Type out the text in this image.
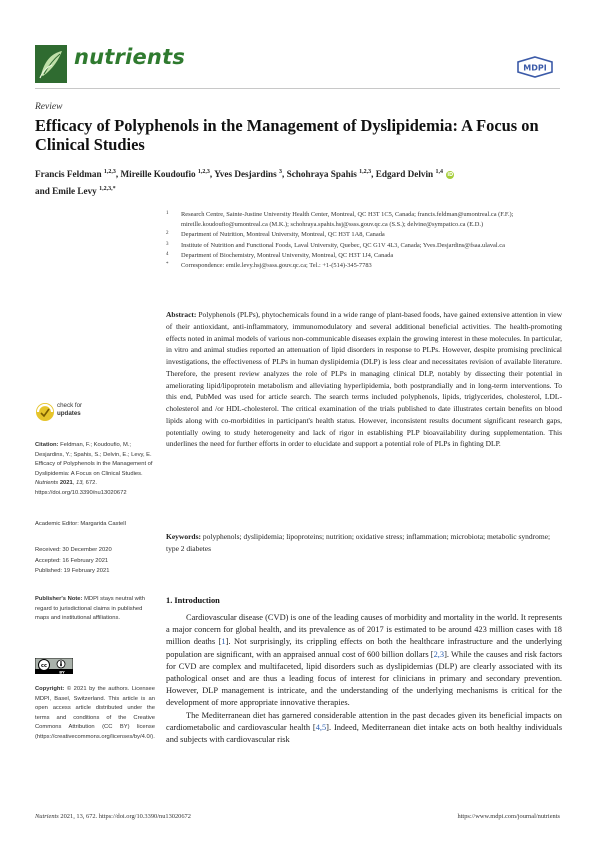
nutrients	MDPI
Review
Efficacy of Polyphenols in the Management of Dyslipidemia: A Focus on Clinical Studies
Francis Feldman $^{1,2,3}$, Mireille Koudoufio $^{1,2,3}$, Yves Desjardins $^3$, Schohraya Spahis $^{1,2,3}$, Edgard Delvin $^{1,4}$ iD
and Emile Levy $^{1,2,3,*}$
1 Research Centre, Sainte-Justine University Health Center, Montreal, QC H3T 1C5, Canada; francis.feldman@umontreal.ca (F.F.); mireille.koudoufio@umontreal.ca (M.K.); schohraya.spahis.hsj@ssss.gouv.qc.ca (S.S.); delvine@sympatico.ca (E.D.)
2 Department of Nutrition, Montreal University, Montreal, QC H3T 1A8, Canada
3 Institute of Nutrition and Functional Foods, Laval University, Quebec, QC G1V 4L3, Canada; Yves.Desjardins@fsaa.ulaval.ca
4 Department of Biochemistry, Montreal University, Montreal, QC H3T 1J4, Canada
* Correspondence: emile.levy.hsj@ssss.gouv.qc.ca; Tel.: +1-(514)-345-7783
Abstract: Polyphenols (PLPs), phytochemicals found in a wide range of plant-based foods, have gained extensive attention in view of their antioxidant, anti-inflammatory, immunomodulatory and several additional beneficial activities. The health-promoting effects noted in animal models of various non-communicable diseases explain the growing interest in these molecules. In particular, in vitro and animal studies reported an attenuation of lipid disorders in response to PLPs. However, despite promising preclinical investigations, the effectiveness of PLPs in human dyslipidemia (DLP) is less clear and necessitates revision of available literature. Therefore, the present review analyzes the role of PLPs in managing clinical DLP, notably by dissecting their potential in ameliorating lipid/lipoprotein metabolism and alleviating hyperlipidemia, both postprandially and in long-term interventions. To this end, PubMed was used for article search. The search terms included polyphenols, lipids, triglycerides, cholesterol, LDL-cholesterol and /or HDL-cholesterol. The critical examination of the trials published to date illustrates certain benefits on blood lipids along with co-morbidities in participant's health status. However, inconsistent results document significant research gaps, potentially owing to study heterogeneity and lack of rigor in establishing PLP bioavailability during supplementation. This underlines the need for further efforts in order to elucidate and support a potential role of PLPs in fighting DLP.
Keywords: polyphenols; dyslipidemia; lipoproteins; nutrition; oxidative stress; inflammation; microbiota; metabolic syndrome; type 2 diabetes
check for
updates
Citation: Feldman, F.; Koudoufio, M.; Desjardins, Y.; Spahis, S.; Delvin, E.; Levy, E. Efficacy of Polyphenols in the Management of Dyslipidemia: A Focus on Clinical Studies. Nutrients 2021, 13, 672. https://doi.org/10.3390/nu13020672
Academic Editor: Margarida Castell
Received: 30 December 2020
Accepted: 16 February 2021
Published: 19 February 2021
Publisher's Note: MDPI stays neutral with regard to jurisdictional claims in published maps and institutional affiliations.
cc
BY
Copyright: © 2021 by the authors. Licensee MDPI, Basel, Switzerland. This article is an open access article distributed under the terms and conditions of the Creative Commons Attribution (CC BY) license (https://creativecommons.org/licenses/by/4.0/).
1. Introduction

Cardiovascular disease (CVD) is one of the leading causes of morbidity and mortality in the world. It represents a major concern for global health, and its prevalence as of 2017 is estimated to be around 423 million cases with 18 million deaths [1]. Not surprisingly, its crippling effects on both the healthcare infrastructure and the underlying population are significant, with an appraised annual cost of 600 billion dollars [2,3]. While the causes and risk factors for CVD are complex and multifaceted, lipid disorders such as dyslipidemias (DLP) are clearly associated with its pathological onset and are thus a leading focus of interest for clinicians in primary and secondary prevention. However, DLP management is intricate, and the understanding of the underlying mechanisms is critical for the development of more appropriate innovative therapies.

The Mediterranean diet has garnered considerable attention in the past decades given its beneficial impacts on cardiometabolic and cardiovascular health [4,5]. Indeed, Mediterranean diet intake acts on both healthy individuals and subjects with cardiovascular risk

Nutrients 2021, 13, 672. https://doi.org/10.3390/nu13020672	https://www.mdpi.com/journal/nutrients
